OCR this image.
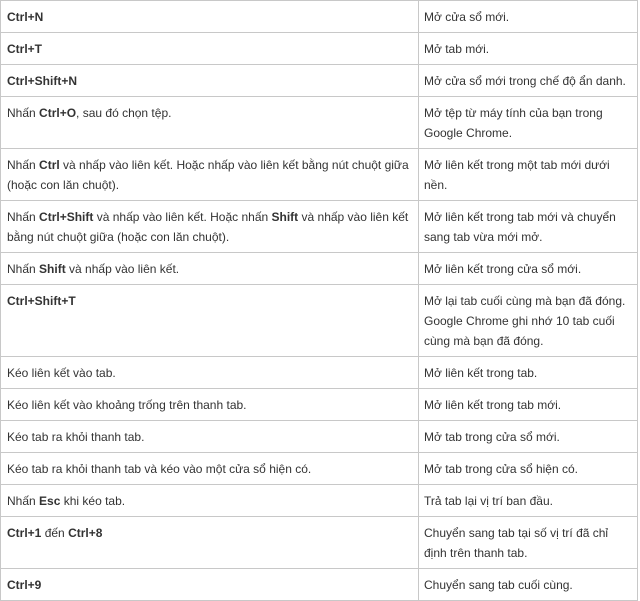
Ctrl+N	Mở cửa sổ mới.
Ctrl+T	Mở tab mới.
Ctrl+Shift+N	Mở cửa sổ mới trong chế độ ẩn danh.
Nhấn Ctrl+O, sau đó chọn tệp.	Mở tệp từ máy tính của bạn trong Google Chrome.
Nhấn Ctrl và nhấp vào liên kết. Hoặc nhấp vào liên kết bằng nút chuột giữa (hoặc con lăn chuột).	Mở liên kết trong một tab mới dưới nền.
Nhấn Ctrl+Shift và nhấp vào liên kết. Hoặc nhấn Shift và nhấp vào liên kết bằng nút chuột giữa (hoặc con lăn chuột).	Mở liên kết trong tab mới và chuyển sang tab vừa mới mở.
Nhấn Shift và nhấp vào liên kết.	Mở liên kết trong cửa sổ mới.
Ctrl+Shift+T	Mở lại tab cuối cùng mà bạn đã đóng. Google Chrome ghi nhớ 10 tab cuối cùng mà bạn đã đóng.
Kéo liên kết vào tab.	Mở liên kết trong tab.
Kéo liên kết vào khoảng trống trên thanh tab.	Mở liên kết trong tab mới.
Kéo tab ra khỏi thanh tab.	Mở tab trong cửa sổ mới.
Kéo tab ra khỏi thanh tab và kéo vào một cửa sổ hiện có.	Mở tab trong cửa sổ hiện có.
Nhấn Esc khi kéo tab.	Trả tab lại vị trí ban đầu.
Ctrl+1 đến Ctrl+8	Chuyển sang tab tại số vị trí đã chỉ định trên thanh tab.
Ctrl+9	Chuyển sang tab cuối cùng.
